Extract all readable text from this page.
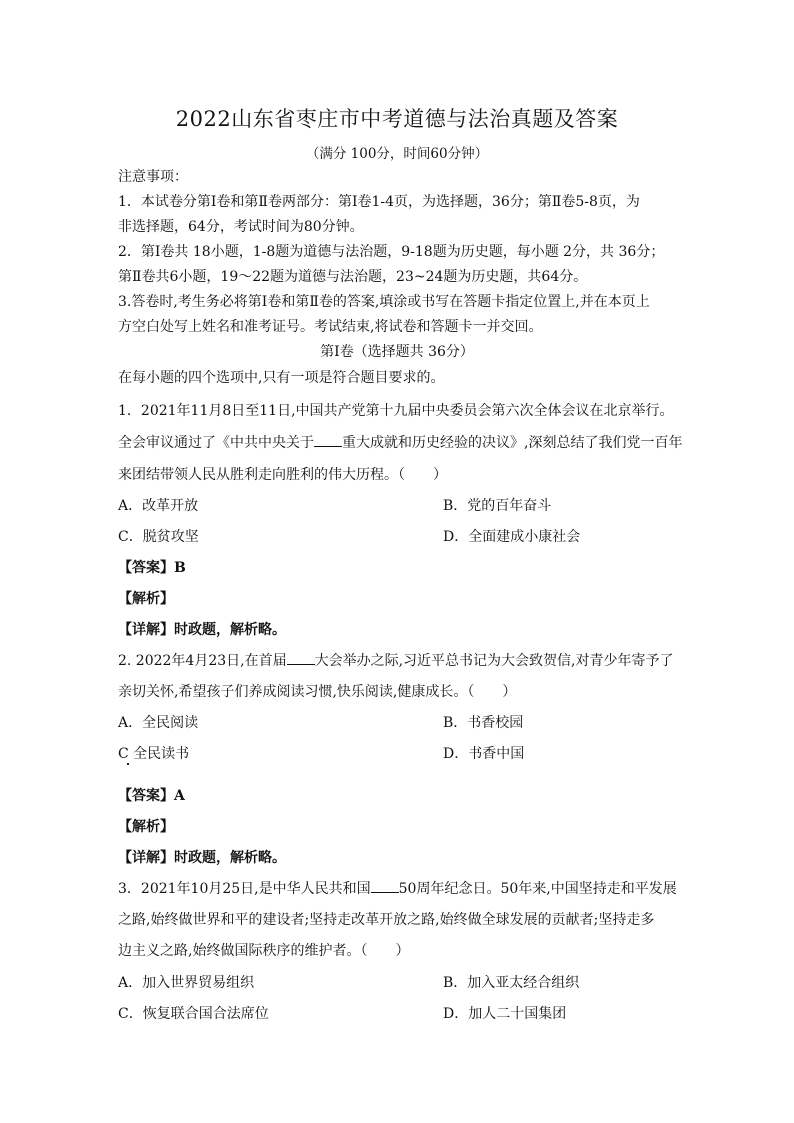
2022山东省枣庄市中考道德与法治真题及答案
（满分 100分，时间60分钟）
注意事项：
1．本试卷分第Ⅰ卷和第Ⅱ卷两部分：第Ⅰ卷1-4页，为选择题，36分；第Ⅱ卷5-8页，为
非选择题，64分，考试时间为80分钟。
2．第Ⅰ卷共 18小题，1-8题为道德与法治题，9-18题为历史题，每小题 2分，共 36分；
第Ⅱ卷共6小题，19～22题为道德与法治题，23~24题为历史题，共64分。
3.答卷时,考生务必将第Ⅰ卷和第Ⅱ卷的答案,填涂或书写在答题卡指定位置上,并在本页上
方空白处写上姓名和准考证号。考试结束,将试卷和答题卡一并交回。
第Ⅰ卷（选择题共 36分）
在每小题的四个选项中,只有一项是符合题目要求的。
1．2021年11月8日至11日,中国共产党第十九届中央委员会第六次全体会议在北京举行。
全会审议通过了《中共中央关于 重大成就和历史经验的决议》,深刻总结了我们党一百年
来团结带领人民从胜利走向胜利的伟大历程。（　　）
A．改革开放	B．党的百年奋斗
C．脱贫攻坚	D．全面建成小康社会
【答案】B
【解析】
【详解】时政题，解析略。
2. 2022年4月23日,在首届 大会举办之际,习近平总书记为大会致贺信,对青少年寄予了
亲切关怀,希望孩子们养成阅读习惯,快乐阅读,健康成长。（　　）
A．全民阅读	B．书香校园
C 全民读书	D．书香中国
【答案】A
【解析】
【详解】时政题，解析略。
3．2021年10月25日,是中华人民共和国 50周年纪念日。50年来,中国坚持走和平发展
之路,始终做世界和平的建设者;坚持走改革开放之路,始终做全球发展的贡献者;坚持走多
边主义之路,始终做国际秩序的维护者。（　　）
A．加入世界贸易组织	B．加入亚太经合组织
C．恢复联合国合法席位	D．加人二十国集团
